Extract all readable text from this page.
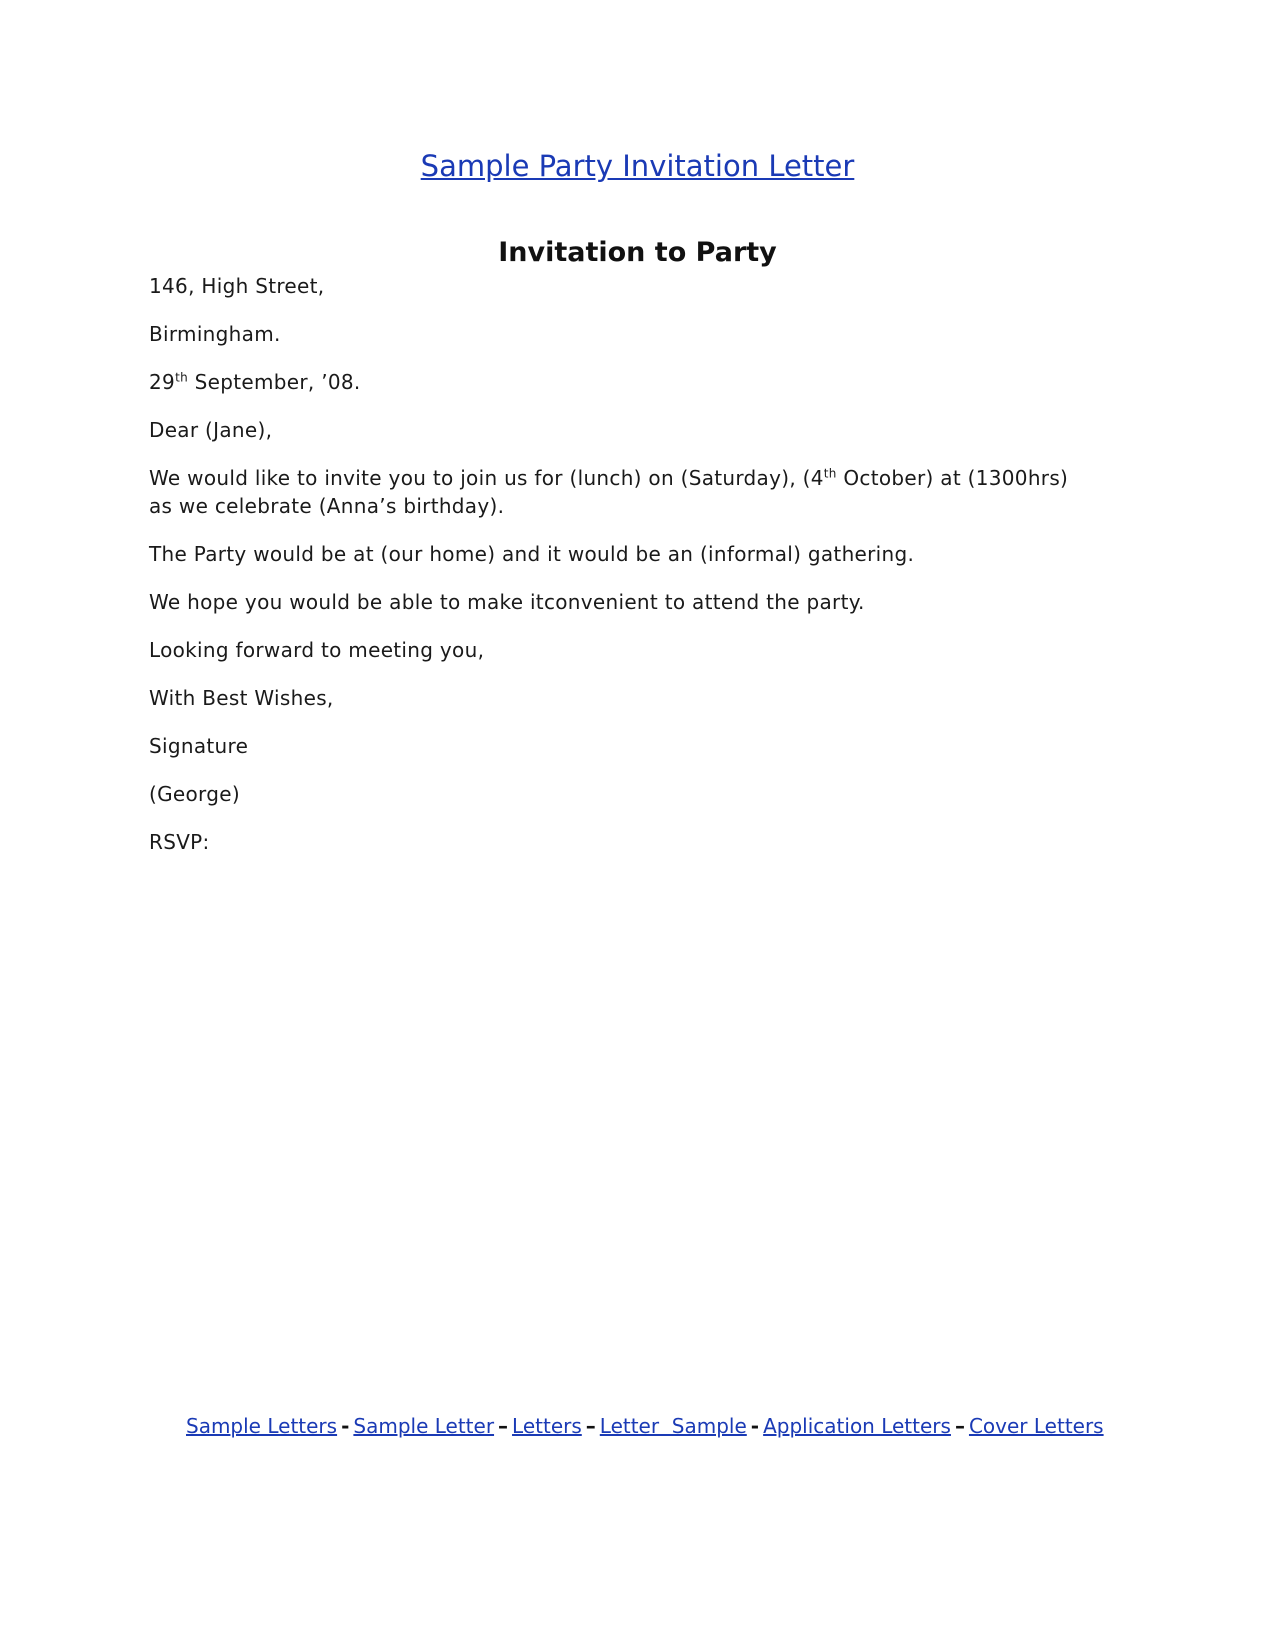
Sample Party Invitation Letter
Invitation to Party

146, High Street,

Birmingham.

29th September, ’08.

Dear (Jane),

We would like to invite you to join us for (lunch) on (Saturday), (4th October) at (1300hrs)

as we celebrate (Anna’s birthday).

The Party would be at (our home) and it would be an (informal) gathering.

We hope you would be able to make itconvenient to attend the party.

Looking forward to meeting you,

With Best Wishes,

Signature

(George)

RSVP:

Sample Letters - Sample Letter – Letters – Letter  Sample - Application Letters – Cover Letters
